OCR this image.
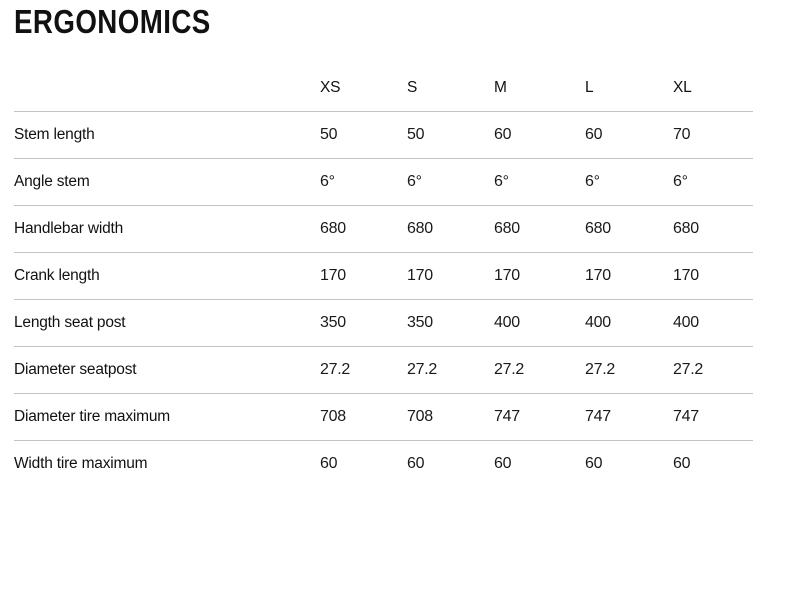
ERGONOMICS
	XS	S	M	L	XL
Stem length	50	50	60	60	70
Angle stem	6°	6°	6°	6°	6°
Handlebar width	680	680	680	680	680
Crank length	170	170	170	170	170
Length seat post	350	350	400	400	400
Diameter seatpost	27.2	27.2	27.2	27.2	27.2
Diameter tire maximum	708	708	747	747	747
Width tire maximum	60	60	60	60	60
